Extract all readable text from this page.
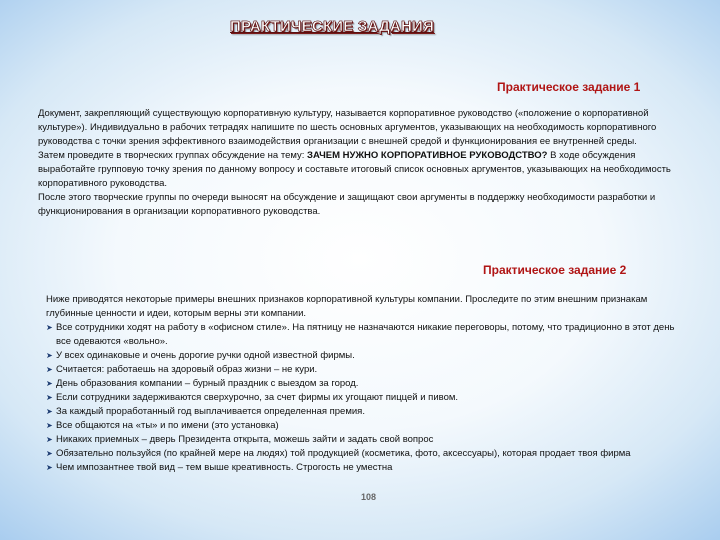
ПРАКТИЧЕСКИЕ ЗАДАНИЯ
Практическое задание 1
Документ, закрепляющий существующую корпоративную культуру, называется корпоративное руководство («положение о корпоративной культуре»). Индивидуально в рабочих тетрадях напишите по шесть основных аргументов, указывающих на необходимость корпоративного руководства с точки зрения эффективного взаимодействия организации с внешней средой и функционирования ее внутренней среды.
Затем проведите в творческих группах обсуждение на тему: ЗАЧЕМ НУЖНО КОРПОРАТИВНОЕ РУКОВОДСТВО? В ходе обсуждения выработайте групповую точку зрения по данному вопросу и составьте итоговый список основных аргументов, указывающих на необходимость корпоративного руководства.
После этого творческие группы по очереди выносят на обсуждение и защищают свои аргументы в поддержку необходимости разработки и функционирования в организации корпоративного руководства.
Практическое задание 2
Ниже приводятся некоторые примеры внешних признаков корпоративной культуры компании. Проследите по этим внешним признакам глубинные ценности и идеи, которым верны эти компании.
➤ Все сотрудники ходят на работу в «офисном стиле». На пятницу не назначаются никакие переговоры, потому, что традиционно в этот день все одеваются «вольно».
➤ У всех одинаковые и очень дорогие ручки одной известной фирмы.
➤ Считается: работаешь на здоровый образ жизни – не кури.
➤ День образования компании – бурный праздник с выездом за город.
➤ Если сотрудники задерживаются сверхурочно, за счет фирмы их угощают пиццей и пивом.
➤ За каждый проработанный год выплачивается определенная премия.
➤ Все общаются на «ты» и по имени (это установка)
➤ Никаких приемных – дверь Президента открыта, можешь зайти и задать свой вопрос
➤ Обязательно пользуйся (по крайней мере на людях) той продукцией (косметика, фото, аксессуары), которая продает твоя фирма
➤ Чем импозантнее твой вид – тем выше креативность. Строгость не уместна
108
